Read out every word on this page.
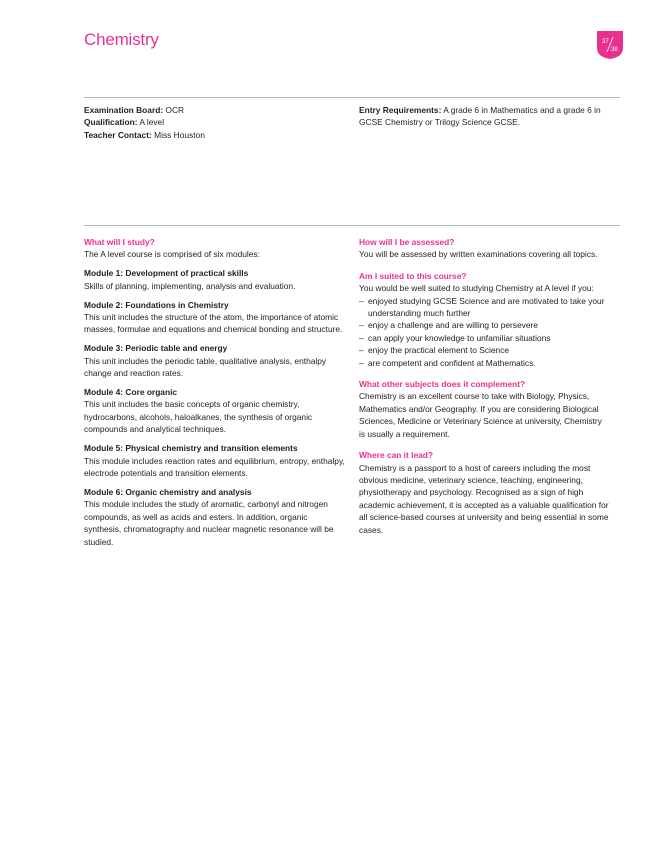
Chemistry	37
38
Examination Board: OCR
Qualification: A level
Teacher Contact: Miss Houston
Entry Requirements: A grade 6 in Mathematics and a grade 6 in GCSE Chemistry or Trilogy Science GCSE.

What will I study?

The A level course is comprised of six modules:

Module 1: Development of practical skills

Skills of planning, implementing, analysis and evaluation.

Module 2: Foundations in Chemistry

This unit includes the structure of the atom, the importance of atomic masses, formulae and equations and chemical bonding and structure.

Module 3: Periodic table and energy

This unit includes the periodic table, qualitative analysis, enthalpy change and reaction rates.

Module 4: Core organic

This unit includes the basic concepts of organic chemistry, hydrocarbons, alcohols, haloalkanes, the synthesis of organic compounds and analytical techniques.

Module 5: Physical chemistry and transition elements

This module includes reaction rates and equilibrium, entropy, enthalpy, electrode potentials and transition elements.

Module 6: Organic chemistry and analysis

This module includes the study of aromatic, carbonyl and nitrogen compounds, as well as acids and esters. In addition, organic synthesis, chromatography and nuclear magnetic resonance will be studied.

How will I be assessed?

You will be assessed by written examinations covering all topics.

Am I suited to this course?

You would be well suited to studying Chemistry at A level if you:

– enjoyed studying GCSE Science and are motivated to take your understanding much further
– enjoy a challenge and are willing to persevere
– can apply your knowledge to unfamiliar situations
– enjoy the practical element to Science
– are competent and confident at Mathematics.

What other subjects does it complement?

Chemistry is an excellent course to take with Biology, Physics, Mathematics and/or Geography. If you are considering Biological Sciences, Medicine or Veterinary Science at university, Chemistry is usually a requirement.

Where can it lead?

Chemistry is a passport to a host of careers including the most obvious medicine, veterinary science, teaching, engineering, physiotherapy and psychology. Recognised as a sign of high academic achievement, it is accepted as a valuable qualification for all science-based courses at university and being essential in some cases.
